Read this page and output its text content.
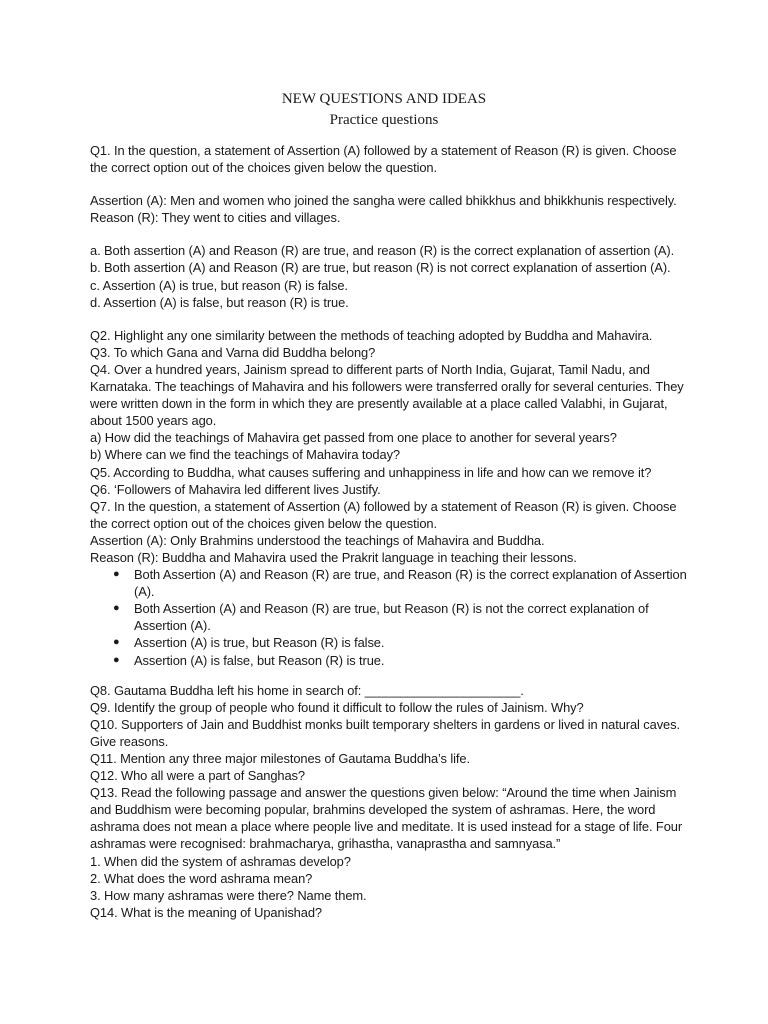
NEW QUESTIONS AND IDEAS
Practice questions

Q1. In the question, a statement of Assertion (A) followed by a statement of Reason (R) is given. Choose the correct option out of the choices given below the question.

Assertion (A): Men and women who joined the sangha were called bhikkhus and bhikkhunis respectively.

Reason (R): They went to cities and villages.

a. Both assertion (A) and Reason (R) are true, and reason (R) is the correct explanation of assertion (A).

b. Both assertion (A) and Reason (R) are true, but reason (R) is not correct explanation of assertion (A).

c. Assertion (A) is true, but reason (R) is false.

d. Assertion (A) is false, but reason (R) is true.

Q2. Highlight any one similarity between the methods of teaching adopted by Buddha and Mahavira.

Q3. To which Gana and Varna did Buddha belong?

Q4. Over a hundred years, Jainism spread to different parts of North India, Gujarat, Tamil Nadu, and Karnataka. The teachings of Mahavira and his followers were transferred orally for several centuries. They were written down in the form in which they are presently available at a place called Valabhi, in Gujarat, about 1500 years ago.

a) How did the teachings of Mahavira get passed from one place to another for several years?

b) Where can we find the teachings of Mahavira today?

Q5. According to Buddha, what causes suffering and unhappiness in life and how can we remove it?

Q6. ‘Followers of Mahavira led different lives Justify.

Q7. In the question, a statement of Assertion (A) followed by a statement of Reason (R) is given. Choose the correct option out of the choices given below the question.

Assertion (A): Only Brahmins understood the teachings of Mahavira and Buddha.

Reason (R): Buddha and Mahavira used the Prakrit language in teaching their lessons.

● Both Assertion (A) and Reason (R) are true, and Reason (R) is the correct explanation of Assertion (A).
● Both Assertion (A) and Reason (R) are true, but Reason (R) is not the correct explanation of Assertion (A).
● Assertion (A) is true, but Reason (R) is false.
● Assertion (A) is false, but Reason (R) is true.

Q8. Gautama Buddha left his home in search of: ______________________.

Q9. Identify the group of people who found it difficult to follow the rules of Jainism. Why?

Q10. Supporters of Jain and Buddhist monks built temporary shelters in gardens or lived in natural caves. Give reasons.

Q11. Mention any three major milestones of Gautama Buddha’s life.

Q12. Who all were a part of Sanghas?

Q13. Read the following passage and answer the questions given below: “Around the time when Jainism and Buddhism were becoming popular, brahmins developed the system of ashramas. Here, the word ashrama does not mean a place where people live and meditate. It is used instead for a stage of life. Four ashramas were recognised: brahmacharya, grihastha, vanaprastha and samnyasa.”

1. When did the system of ashramas develop?

2. What does the word ashrama mean?

3. How many ashramas were there? Name them.

Q14. What is the meaning of Upanishad?
